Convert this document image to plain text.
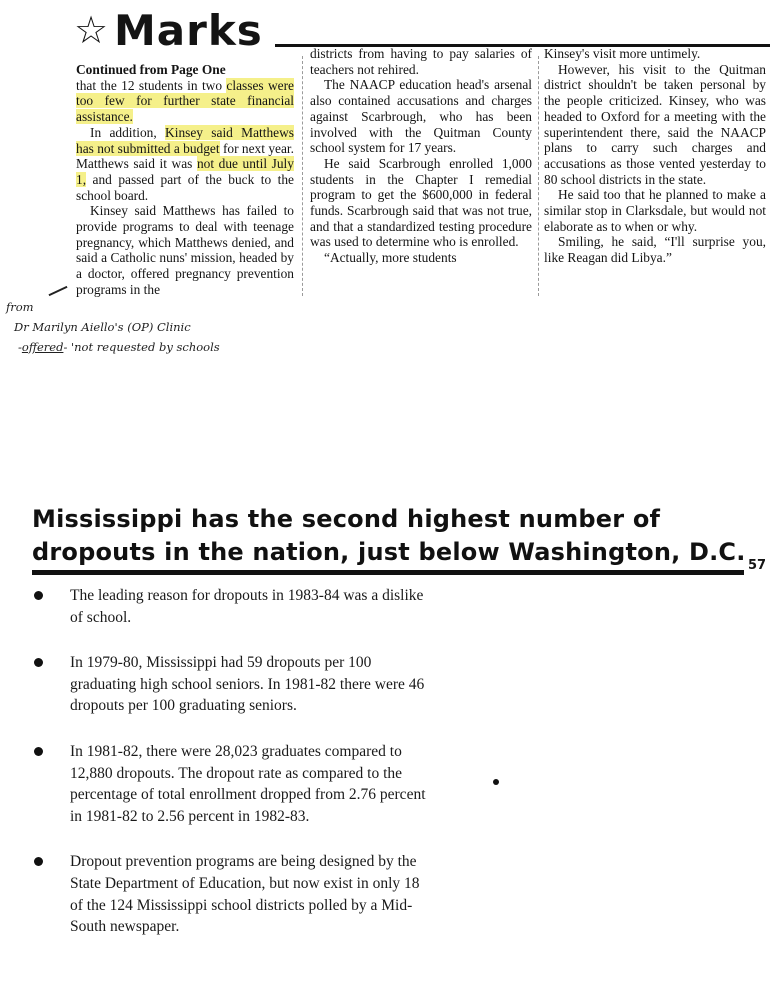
☆ Marks

Continued from Page One

that the 12 students in two classes were too few for further state financial assistance.

In addition, Kinsey said Matthews has not submitted a budget for next year. Matthews said it was not due until July 1, and passed part of the buck to the school board.

Kinsey said Matthews has failed to provide programs to deal with teenage pregnancy, which Matthews denied, and said a Catholic nuns' mission, headed by a doctor, offered pregnancy prevention programs in the

districts from having to pay salaries of teachers not rehired.

The NAACP education head's arsenal also contained accusations and charges against Scarbrough, who has been involved with the Quitman County school system for 17 years.

He said Scarbrough enrolled 1,000 students in the Chapter I remedial program to get the $600,000 in federal funds. Scarbrough said that was not true, and that a standardized testing procedure was used to determine who is enrolled.

“Actually, more students

Kinsey's visit more untimely.

However, his visit to the Quitman district shouldn't be taken personal by the people criticized. Kinsey, who was headed to Oxford for a meeting with the superintendent there, said the NAACP plans to carry such charges and accusations as those vented yesterday to 80 school districts in the state.

He said too that he planned to make a similar stop in Clarksdale, but would not elaborate as to when or why.

Smiling, he said, “I'll surprise you, like Reagan did Libya.”

from
Dr Marilyn Aiello's (OP) Clinic
-offered- 'not requested by schools
Mississippi has the second highest number of dropouts in the nation, just below Washington, D.C. 57
The leading reason for dropouts in 1983-84 was a dislike of school.
In 1979-80, Mississippi had 59 dropouts per 100 graduating high school seniors. In 1981-82 there were 46 dropouts per 100 graduating seniors.
In 1981-82, there were 28,023 graduates compared to 12,880 dropouts. The dropout rate as compared to the percentage of total enrollment dropped from 2.76 percent in 1981-82 to 2.56 percent in 1982-83.
Dropout prevention programs are being designed by the State Department of Education, but now exist in only 18 of the 124 Mississippi school districts polled by a Mid-South newspaper.
